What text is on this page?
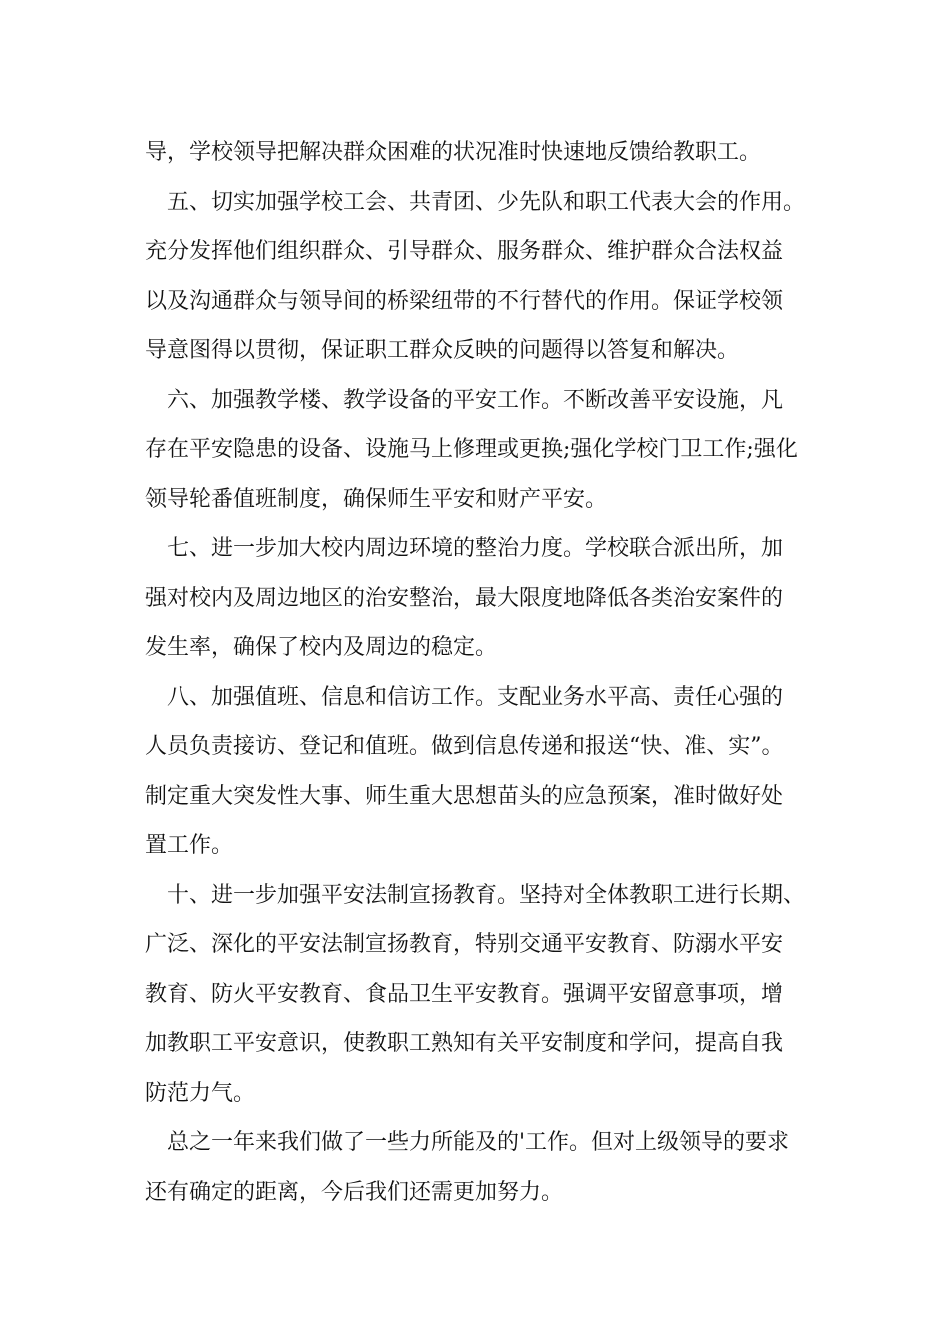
导，学校领导把解决群众困难的状况准时快速地反馈给教职工。

五、切实加强学校工会、共青团、少先队和职工代表大会的作用。

充分发挥他们组织群众、引导群众、服务群众、维护群众合法权益

以及沟通群众与领导间的桥梁纽带的不行替代的作用。保证学校领

导意图得以贯彻，保证职工群众反映的问题得以答复和解决。

六、加强教学楼、教学设备的平安工作。不断改善平安设施，凡

存在平安隐患的设备、设施马上修理或更换;强化学校门卫工作;强化

领导轮番值班制度，确保师生平安和财产平安。

七、进一步加大校内周边环境的整治力度。学校联合派出所，加

强对校内及周边地区的治安整治，最大限度地降低各类治安案件的

发生率，确保了校内及周边的稳定。

八、加强值班、信息和信访工作。支配业务水平高、责任心强的

人员负责接访、登记和值班。做到信息传递和报送“快、准、实”。

制定重大突发性大事、师生重大思想苗头的应急预案，准时做好处

置工作。

十、进一步加强平安法制宣扬教育。坚持对全体教职工进行长期、

广泛、深化的平安法制宣扬教育，特别交通平安教育、防溺水平安

教育、防火平安教育、食品卫生平安教育。强调平安留意事项，增

加教职工平安意识，使教职工熟知有关平安制度和学问，提高自我

防范力气。

总之一年来我们做了一些力所能及的'工作。但对上级领导的要求

还有确定的距离，今后我们还需更加努力。
